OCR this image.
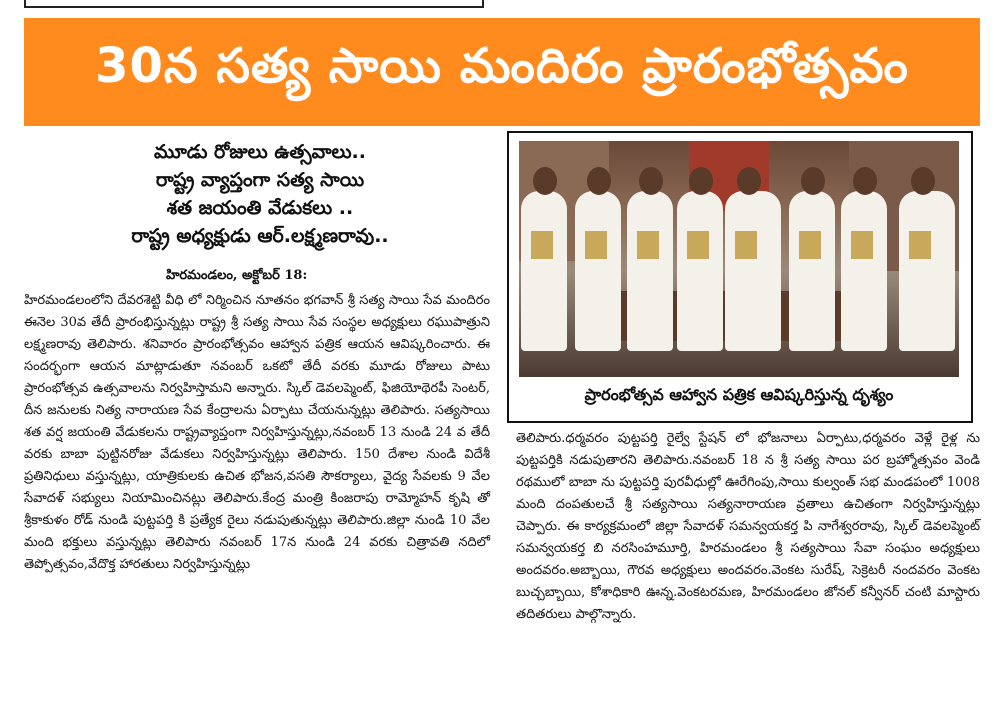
30న సత్య సాయి మందిరం ప్రారంభోత్సవం
మూడు రోజులు ఉత్సవాలు..
రాష్ట్ర వ్యాప్తంగా సత్య సాయి
శత జయంతి వేడుకలు ..
రాష్ట్ర అధ్యక్షుడు ఆర్.లక్ష్మణరావు..
హిరమండలం, అక్టోబర్ 18:
హిరమండలంలోని దేవరశెట్టి వీధి లో నిర్మించిన నూతనం భగవాన్ శ్రీ సత్య సాయి సేవ మందిరం ఈనెల 30వ తేదీ ప్రారంభిస్తున్నట్లు రాష్ట్ర శ్రీ సత్య సాయి సేవ సంస్థల అధ్యక్షులు రఘుపాత్రుని లక్ష్మణరావు తెలిపారు. శనివారం ప్రారంభోత్సవం ఆహ్వాన పత్రిక ఆయన ఆవిష్కరించారు. ఈ సందర్భంగా ఆయన మాట్లాడుతూ నవంబర్ ఒకటో తేదీ వరకు మూడు రోజులు పాటు ప్రారంభోత్సవ ఉత్సవాలను నిర్వహిస్తామని అన్నారు. స్కిల్ డెవలప్మెంట్, ఫిజియోథెరపీ సెంటర్, దీన జనులకు నిత్య నారాయణ సేవ కేంద్రాలను ఏర్పాటు చేయనున్నట్లు తెలిపారు. సత్యసాయి శత వర్ష జయంతి వేడుకలను రాష్ట్రవ్యాప్తంగా నిర్వహిస్తున్నట్లు,నవంబర్ 13 నుండి 24 వ తేదీ వరకు బాబా పుట్టినరోజు వేడుకలు నిర్వహిస్తున్నట్లు తెలిపారు. 150 దేశాల నుండి విదేశీ ప్రతినిధులు వస్తున్నట్లు, యాత్రికులకు ఉచిత భోజన,వసతి సౌకర్యాలు, వైద్య సేవలకు 9 వేల సేవాదళ్ సభ్యులు నియామించినట్లు తెలిపారు.కేంద్ర మంత్రి కింజరాపు రామ్మోహన్ కృషి తో శ్రీకాకుళం రోడ్ నుండి పుట్టపర్తి కి ప్రత్యేక రైలు నడుపుతున్నట్లు తెలిపారు.జిల్లా నుండి 10 వేల మంది భక్తులు వస్తున్నట్లు తెలిపారు నవంబర్ 17న నుండి 24 వరకు చిత్రావతి నదిలో తెప్పోత్సవం,వేదొక్త హారతులు నిర్వహిస్తున్నట్లు
ప్రారంభోత్సవ ఆహ్వాన పత్రిక ఆవిష్కరిస్తున్న దృశ్యం
తెలిపారు.ధర్మవరం పుట్టపర్తి రైల్వే స్టేషన్ లో భోజనాలు ఏర్పాటు,ధర్మవరం వెళ్లే రైళ్ల ను పుట్టపర్తికి నడుపుతారని తెలిపారు.నవంబర్ 18 న శ్రీ సత్య సాయి పర బ్రహ్మోత్సవం వెండి రథములో బాబా ను పుట్టపర్తి పురవీధుల్లో ఊరేగింపు,సాయి కుల్వంత్ సభ మండపంలో 1008 మంది దంపతులచే శ్రీ సత్యసాయి సత్యనారాయణ వ్రతాలు ఉచితంగా నిర్వహిస్తున్నట్లు చెప్పారు. ఈ కార్యక్రమంలో జిల్లా సేవాదళ్ సమన్వయకర్త పి నాగేశ్వరరావు, స్కిల్ డెవలప్మెంట్ సమన్వయకర్త బి నరసింహమూర్తి, హిరమండలం శ్రీ సత్యసాయి సేవా సంఘం అధ్యక్షులు అందవరం.అబ్బాయి, గౌరవ అధ్యక్షులు అందవరం.వెంకట సురేష్, సెక్రెటరీ నందవరం వెంకట బుచ్చబ్బాయి, కోశాధికారి ఊన్న.వెంకటరమణ, హిరమండలం జోనల్ కన్వీనర్ చంటి మాస్టారు తదితరులు పాల్గొన్నారు.
